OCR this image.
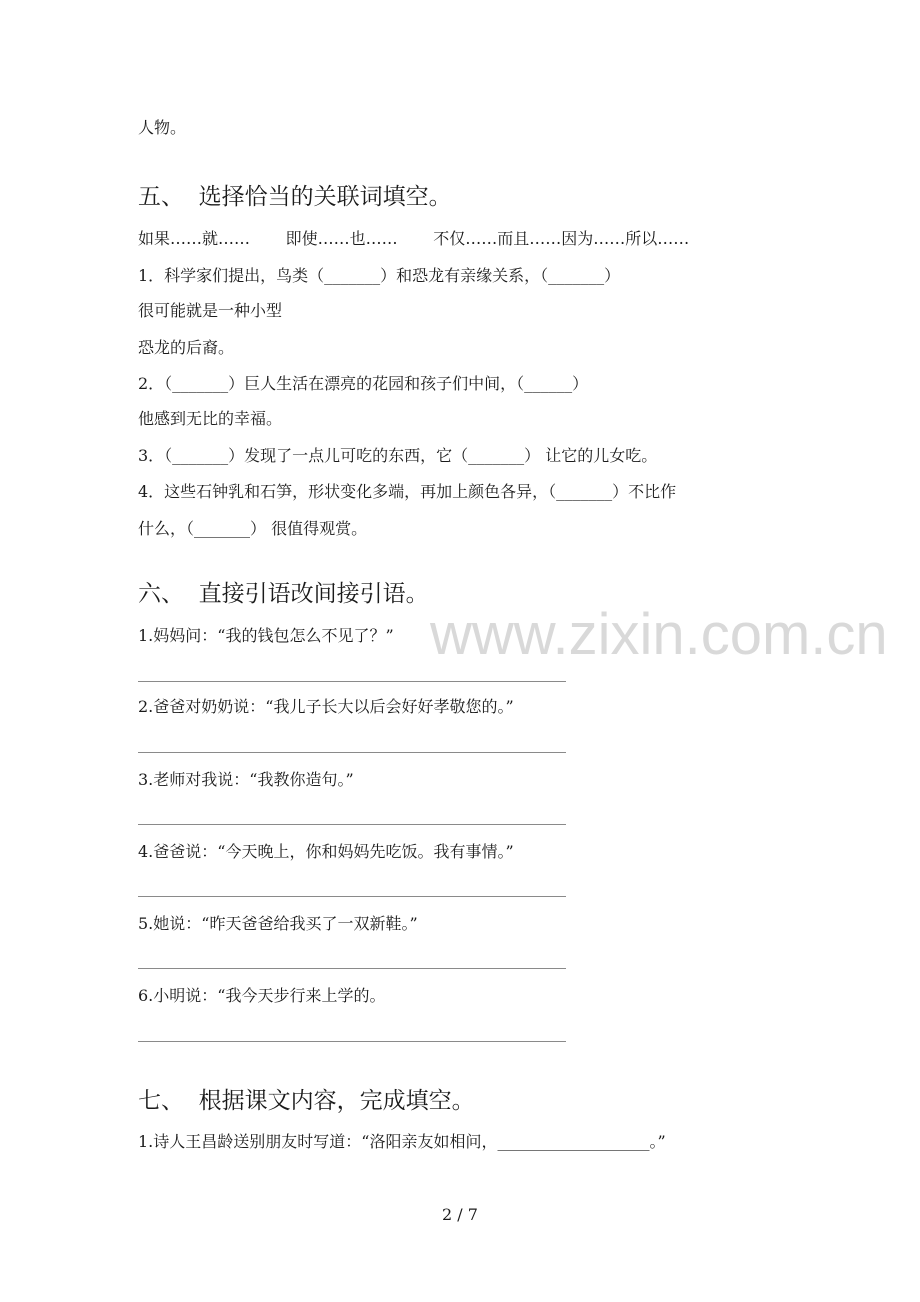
www.zixin.com.cn
人物。
五、  选择恰当的关联词填空。
如果……就……       即使……也……       不仅……而且……因为……所以……
1．科学家们提出，鸟类（_______）和恐龙有亲缘关系，（_______）
很可能就是一种小型
恐龙的后裔。
2．（_______）巨人生活在漂亮的花园和孩子们中间，（______）
他感到无比的幸福。
3．（_______）发现了一点儿可吃的东西，它（_______） 让它的儿女吃。
4．这些石钟乳和石笋，形状变化多端，再加上颜色各异，（_______）不比作
什么，（_______） 很值得观赏。
六、  直接引语改间接引语。
1.妈妈问：“我的钱包怎么不见了？”
2.爸爸对奶奶说：“我儿子长大以后会好好孝敬您的。”
3.老师对我说：“我教你造句。”
4.爸爸说：“今天晚上，你和妈妈先吃饭。我有事情。”
5.她说：“昨天爸爸给我买了一双新鞋。”
6.小明说：“我今天步行来上学的。
七、  根据课文内容，完成填空。
1.诗人王昌龄送别朋友时写道：“洛阳亲友如相问，___________________。”
2 / 7
